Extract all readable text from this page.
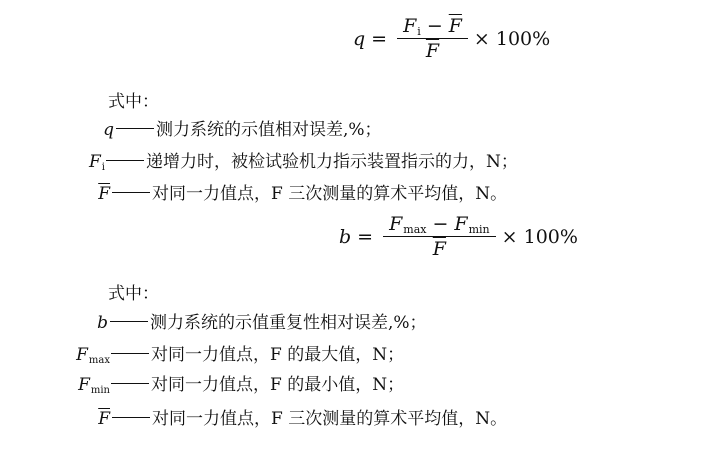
$q = \frac{F i - \overline{F}}{F} \times 100\%$
式中：
q 测力系统的示值相对误差,%；
Fi 递增力时，被检试验机力指示装置指示的力，N；
$\overline{F}$ 对同一力值点，F 三次测量的算术平均值，N。
$b = \frac{\text{F max − F min}}{F} \times 100\%$
式中：
b 测力系统的示值重复性相对误差,%；
Fmax 对同一力值点，F 的最大值，N；
Fmin 对同一力值点，F 的最小值，N；
$\overline{F}$ 对同一力值点，F 三次测量的算术平均值，N。
